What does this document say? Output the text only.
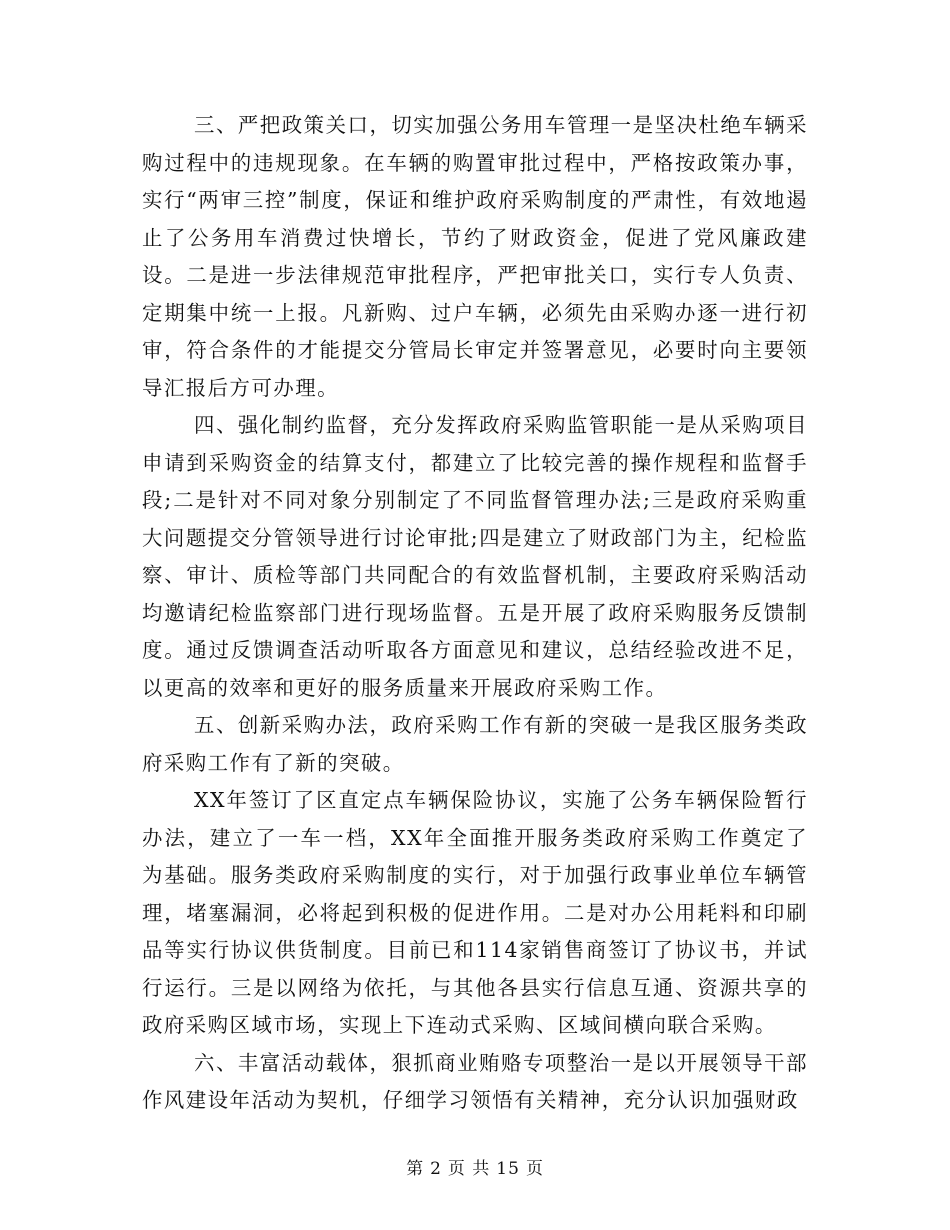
三、严把政策关口，切实加强公务用车管理一是坚决杜绝车辆采购过程中的违规现象。在车辆的购置审批过程中，严格按政策办事，实行“两审三控”制度，保证和维护政府采购制度的严肃性，有效地遏止了公务用车消费过快增长，节约了财政资金，促进了党风廉政建设。二是进一步法律规范审批程序，严把审批关口，实行专人负责、定期集中统一上报。凡新购、过户车辆，必须先由采购办逐一进行初审，符合条件的才能提交分管局长审定并签署意见，必要时向主要领导汇报后方可办理。

四、强化制约监督，充分发挥政府采购监管职能一是从采购项目申请到采购资金的结算支付，都建立了比较完善的操作规程和监督手段;二是针对不同对象分别制定了不同监督管理办法;三是政府采购重大问题提交分管领导进行讨论审批;四是建立了财政部门为主，纪检监察、审计、质检等部门共同配合的有效监督机制，主要政府采购活动均邀请纪检监察部门进行现场监督。五是开展了政府采购服务反馈制度。通过反馈调查活动听取各方面意见和建议，总结经验改进不足，以更高的效率和更好的服务质量来开展政府采购工作。

五、创新采购办法，政府采购工作有新的突破一是我区服务类政府采购工作有了新的突破。

XX年签订了区直定点车辆保险协议，实施了公务车辆保险暂行办法，建立了一车一档，XX年全面推开服务类政府采购工作奠定了为基础。服务类政府采购制度的实行，对于加强行政事业单位车辆管理，堵塞漏洞，必将起到积极的促进作用。二是对办公用耗料和印刷品等实行协议供货制度。目前已和114家销售商签订了协议书，并试行运行。三是以网络为依托，与其他各县实行信息互通、资源共享的政府采购区域市场，实现上下连动式采购、区域间横向联合采购。

六、丰富活动载体，狠抓商业贿赂专项整治一是以开展领导干部作风建设年活动为契机，仔细学习领悟有关精神，充分认识加强财政

第 2 页 共 15 页
